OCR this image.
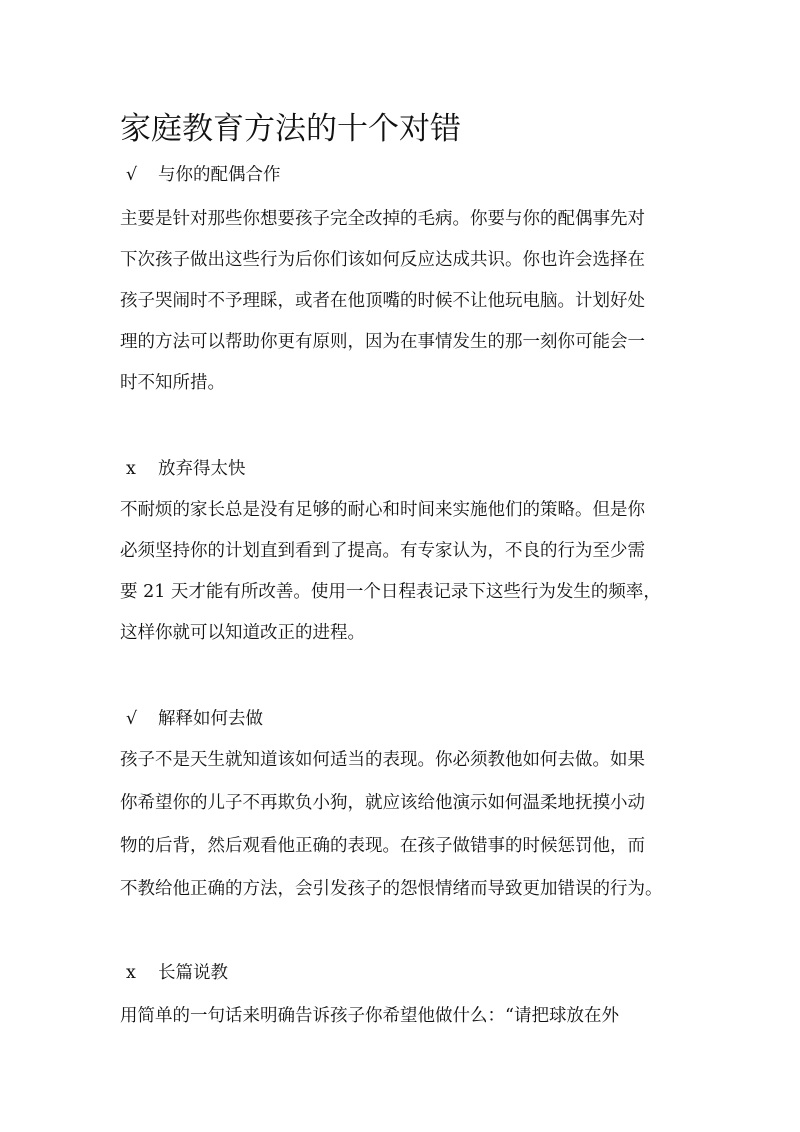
家庭教育方法的十个对错
√ 与你的配偶合作
主要是针对那些你想要孩子完全改掉的毛病。你要与你的配偶事先对
下次孩子做出这些行为后你们该如何反应达成共识。你也许会选择在
孩子哭闹时不予理睬，或者在他顶嘴的时候不让他玩电脑。计划好处
理的方法可以帮助你更有原则，因为在事情发生的那一刻你可能会一
时不知所措。
x 放弃得太快
不耐烦的家长总是没有足够的耐心和时间来实施他们的策略。但是你
必须坚持你的计划直到看到了提高。有专家认为，不良的行为至少需
要 21 天才能有所改善。使用一个日程表记录下这些行为发生的频率，
这样你就可以知道改正的进程。
√ 解释如何去做
孩子不是天生就知道该如何适当的表现。你必须教他如何去做。如果
你希望你的儿子不再欺负小狗，就应该给他演示如何温柔地抚摸小动
物的后背，然后观看他正确的表现。在孩子做错事的时候惩罚他，而
不教给他正确的方法，会引发孩子的怨恨情绪而导致更加错误的行为。
x 长篇说教
用简单的一句话来明确告诉孩子你希望他做什么：“请把球放在外
